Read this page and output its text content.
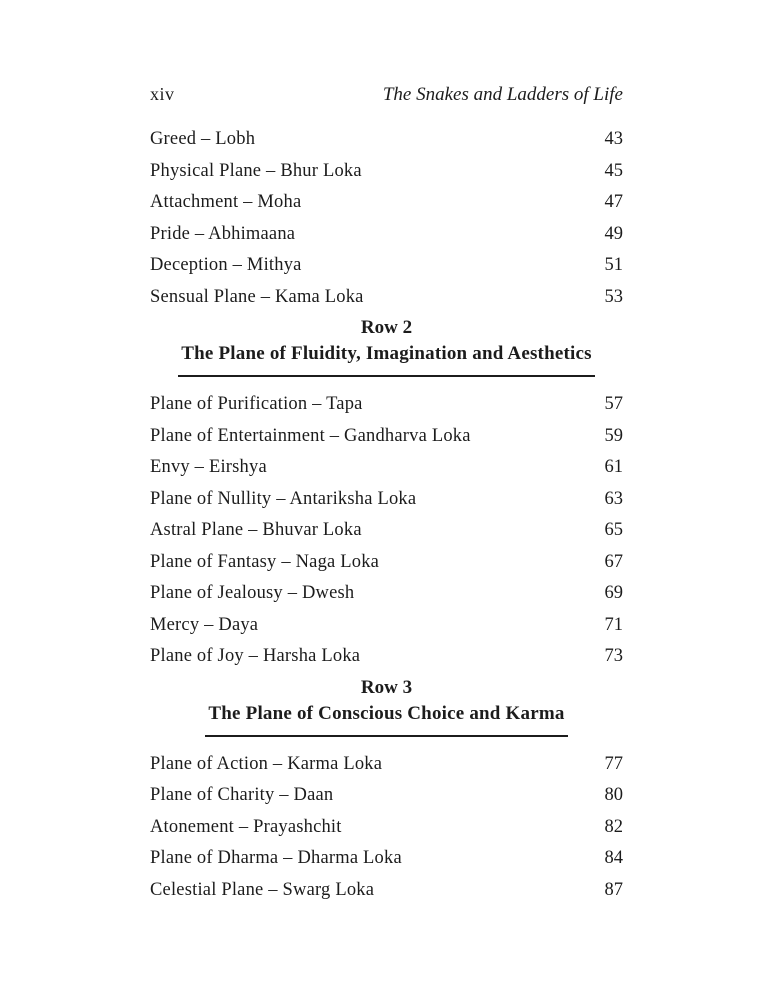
xiv	The Snakes and Ladders of Life
Greed – Lobh	43
Physical Plane – Bhur Loka	45
Attachment – Moha	47
Pride – Abhimaana	49
Deception – Mithya	51
Sensual Plane – Kama Loka	53
Row 2
The Plane of Fluidity, Imagination and Aesthetics
Plane of Purification – Tapa	57
Plane of Entertainment – Gandharva Loka	59
Envy – Eirshya	61
Plane of Nullity – Antariksha Loka	63
Astral Plane – Bhuvar Loka	65
Plane of Fantasy – Naga Loka	67
Plane of Jealousy – Dwesh	69
Mercy – Daya	71
Plane of Joy – Harsha Loka	73
Row 3
The Plane of Conscious Choice and Karma
Plane of Action – Karma Loka	77
Plane of Charity – Daan	80
Atonement – Prayashchit	82
Plane of Dharma – Dharma Loka	84
Celestial Plane – Swarg Loka	87
